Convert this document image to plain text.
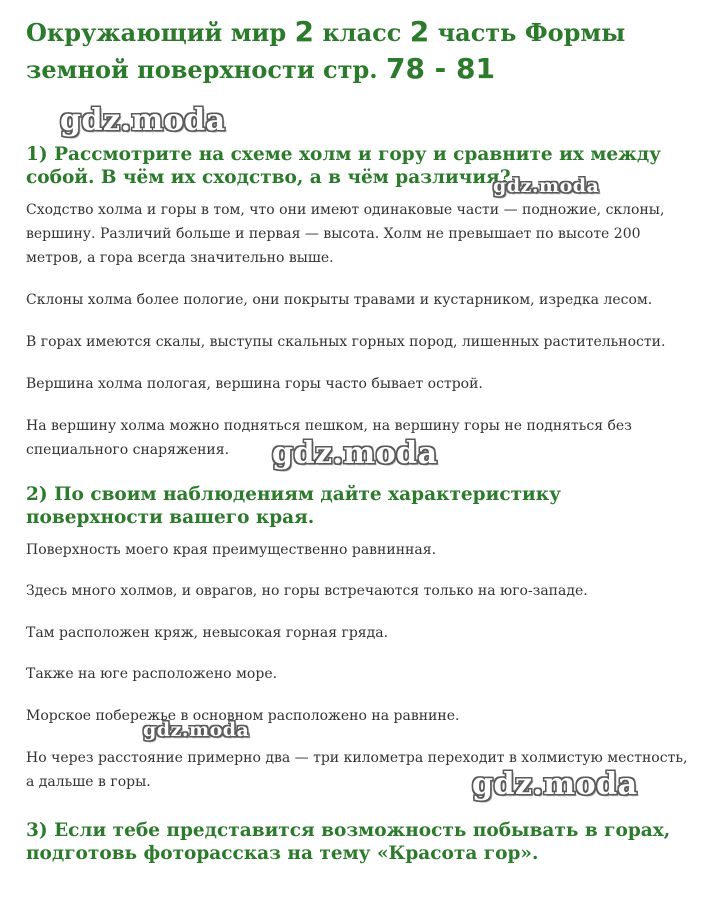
Окружающий мир 2 класс 2 часть Формы земной поверхности стр. 78 - 81
1) Рассмотрите на схеме холм и гору и сравните их между собой. В чём их сходство, а в чём различия?

Сходство холма и горы в том, что они имеют одинаковые части — подножие, склоны, вершину. Различий больше и первая — высота. Холм не превышает по высоте 200 метров, а гора всегда значительно выше.

Склоны холма более пологие, они покрыты травами и кустарником, изредка лесом.

В горах имеются скалы, выступы скальных горных пород, лишенных растительности.

Вершина холма пологая, вершина горы часто бывает острой.

На вершину холма можно подняться пешком, на вершину горы не подняться без специального снаряжения.

2) По своим наблюдениям дайте характеристику поверхности вашего края.

Поверхность моего края преимущественно равнинная.

Здесь много холмов, и оврагов, но горы встречаются только на юго-западе.

Там расположен кряж, невысокая горная гряда.

Также на юге расположено море.

Морское побережье в основном расположено на равнине.

Но через расстояние примерно два — три километра переходит в холмистую местность, а дальше в горы.

3) Если тебе представится возможность побывать в горах, подготовь фоторассказ на тему «Красота гор».
gdz.moda
gdz.moda
gdz.moda
gdz.moda
gdz.moda
